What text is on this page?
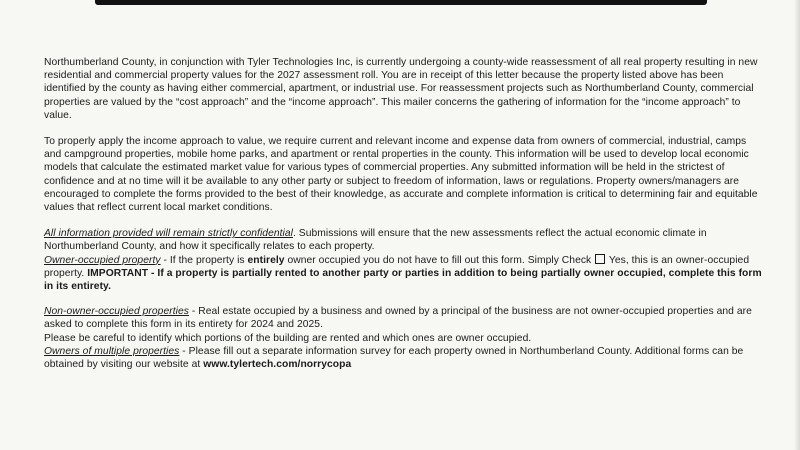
Northumberland County, in conjunction with Tyler Technologies Inc, is currently undergoing a county-wide reassessment of all real property resulting in new residential and commercial property values for the 2027 assessment roll. You are in receipt of this letter because the property listed above has been identified by the county as having either commercial, apartment, or industrial use. For reassessment projects such as Northumberland County, commercial properties are valued by the “cost approach” and the “income approach”. This mailer concerns the gathering of information for the “income approach” to value.

To properly apply the income approach to value, we require current and relevant income and expense data from owners of commercial, industrial, camps and campground properties, mobile home parks, and apartment or rental properties in the county. This information will be used to develop local economic models that calculate the estimated market value for various types of commercial properties. Any submitted information will be held in the strictest of confidence and at no time will it be available to any other party or subject to freedom of information, laws or regulations. Property owners/managers are encouraged to complete the forms provided to the best of their knowledge, as accurate and complete information is critical to determining fair and equitable values that reflect current local market conditions.

All information provided will remain strictly confidential. Submissions will ensure that the new assessments reflect the actual economic climate in Northumberland County, and how it specifically relates to each property.

Owner-occupied property - If the property is entirely owner occupied you do not have to fill out this form. Simply Check  Yes, this is an owner-occupied property. IMPORTANT - If a property is partially rented to another party or parties in addition to being partially owner occupied, complete this form in its entirety.

Non-owner-occupied properties - Real estate occupied by a business and owned by a principal of the business are not owner-occupied properties and are asked to complete this form in its entirety for 2024 and 2025.

Please be careful to identify which portions of the building are rented and which ones are owner occupied.

Owners of multiple properties - Please fill out a separate information survey for each property owned in Northumberland County. Additional forms can be obtained by visiting our website at www.tylertech.com/norrycopa
